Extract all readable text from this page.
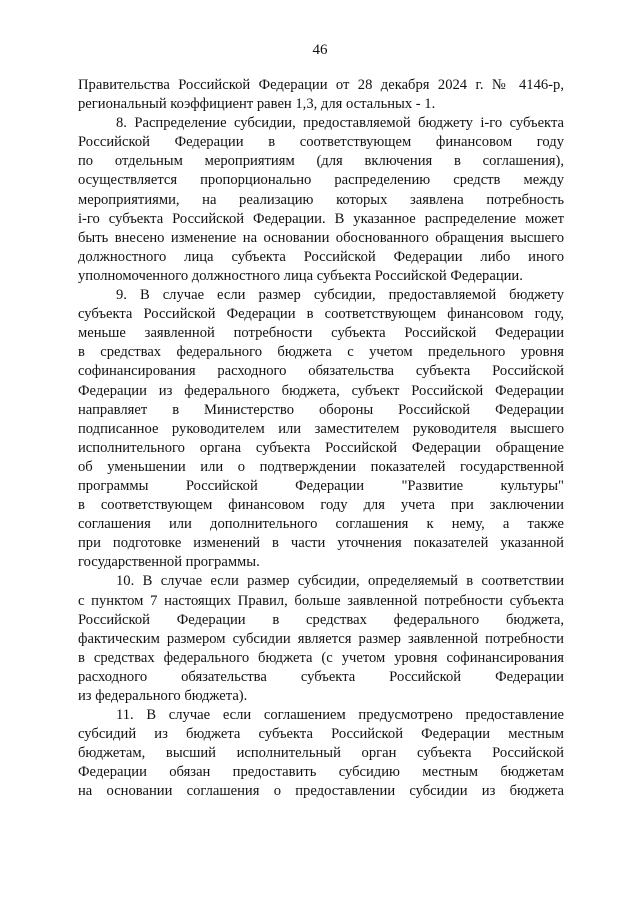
46
Правительства Российской Федерации от 28 декабря 2024 г. № 4146-р,
региональный коэффициент равен 1,3, для остальных - 1.
8. Распределение субсидии, предоставляемой бюджету i-го субъекта
Российской Федерации в соответствующем финансовом году
по отдельным мероприятиям (для включения в соглашения),
осуществляется пропорционально распределению средств между
мероприятиями, на реализацию которых заявлена потребность
i-го субъекта Российской Федерации. В указанное распределение может
быть внесено изменение на основании обоснованного обращения высшего
должностного лица субъекта Российской Федерации либо иного
уполномоченного должностного лица субъекта Российской Федерации.
9. В случае если размер субсидии, предоставляемой бюджету
субъекта Российской Федерации в соответствующем финансовом году,
меньше заявленной потребности субъекта Российской Федерации
в средствах федерального бюджета с учетом предельного уровня
софинансирования расходного обязательства субъекта Российской
Федерации из федерального бюджета, субъект Российской Федерации
направляет в Министерство обороны Российской Федерации
подписанное руководителем или заместителем руководителя высшего
исполнительного органа субъекта Российской Федерации обращение
об уменьшении или о подтверждении показателей государственной
программы Российской Федерации "Развитие культуры"
в соответствующем финансовом году для учета при заключении
соглашения или дополнительного соглашения к нему, а также
при подготовке изменений в части уточнения показателей указанной
государственной программы.
10. В случае если размер субсидии, определяемый в соответствии
с пунктом 7 настоящих Правил, больше заявленной потребности субъекта
Российской Федерации в средствах федерального бюджета,
фактическим размером субсидии является размер заявленной потребности
в средствах федерального бюджета (с учетом уровня софинансирования
расходного обязательства субъекта Российской Федерации
из федерального бюджета).
11. В случае если соглашением предусмотрено предоставление
субсидий из бюджета субъекта Российской Федерации местным
бюджетам, высший исполнительный орган субъекта Российской
Федерации обязан предоставить субсидию местным бюджетам
на основании соглашения о предоставлении субсидии из бюджета
